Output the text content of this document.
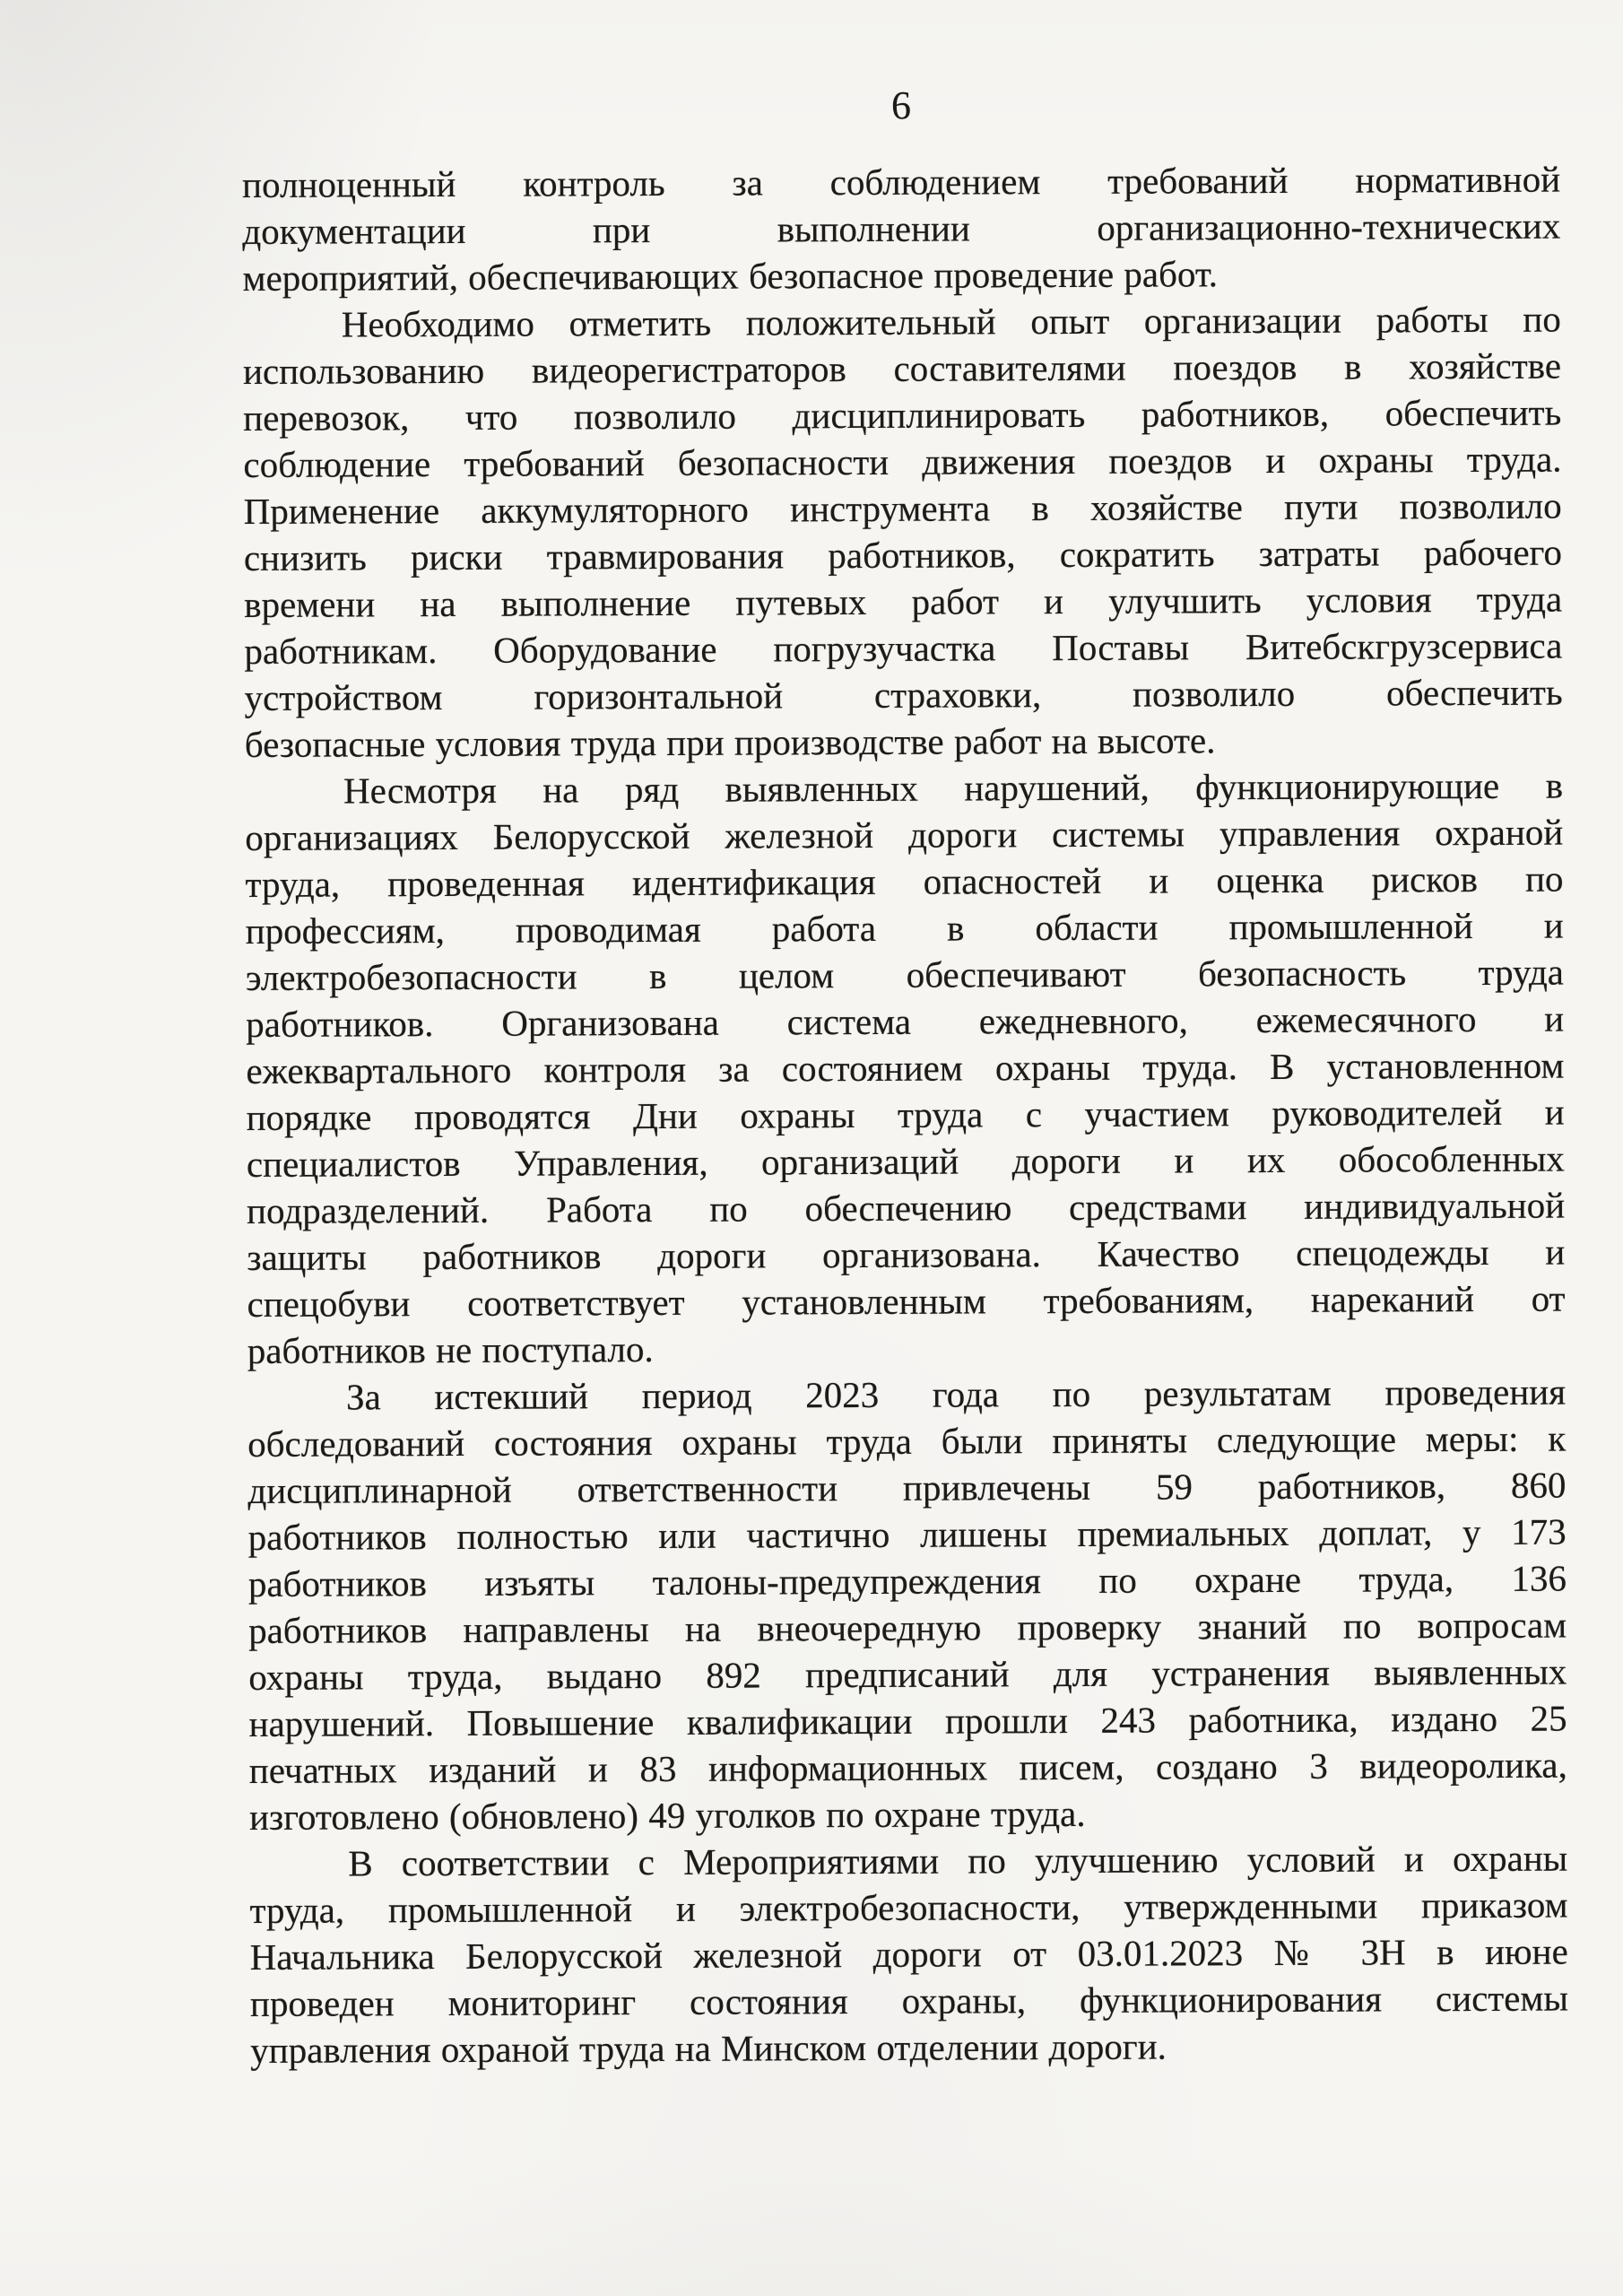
6
полноценный контроль за соблюдением требований нормативной
документации при выполнении организационно-технических
мероприятий, обеспечивающих безопасное проведение работ.
Необходимо отметить положительный опыт организации работы по
использованию видеорегистраторов составителями поездов в хозяйстве
перевозок, что позволило дисциплинировать работников, обеспечить
соблюдение требований безопасности движения поездов и охраны труда.
Применение аккумуляторного инструмента в хозяйстве пути позволило
снизить риски травмирования работников, сократить затраты рабочего
времени на выполнение путевых работ и улучшить условия труда
работникам. Оборудование погрузучастка Поставы Витебскгрузсервиса
устройством горизонтальной страховки, позволило обеспечить
безопасные условия труда при производстве работ на высоте.
Несмотря на ряд выявленных нарушений, функционирующие в
организациях Белорусской железной дороги системы управления охраной
труда, проведенная идентификация опасностей и оценка рисков по
профессиям, проводимая работа в области промышленной и
электробезопасности в целом обеспечивают безопасность труда
работников. Организована система ежедневного, ежемесячного и
ежеквартального контроля за состоянием охраны труда. В установленном
порядке проводятся Дни охраны труда с участием руководителей и
специалистов Управления, организаций дороги и их обособленных
подразделений. Работа по обеспечению средствами индивидуальной
защиты работников дороги организована. Качество спецодежды и
спецобуви соответствует установленным требованиям, нареканий от
работников не поступало.
За истекший период 2023 года по результатам проведения
обследований состояния охраны труда были приняты следующие меры: к
дисциплинарной ответственности привлечены 59 работников, 860
работников полностью или частично лишены премиальных доплат, у 173
работников изъяты талоны-предупреждения по охране труда, 136
работников направлены на внеочередную проверку знаний по вопросам
охраны труда, выдано 892 предписаний для устранения выявленных
нарушений. Повышение квалификации прошли 243 работника, издано 25
печатных изданий и 83 информационных писем, создано 3 видеоролика,
изготовлено (обновлено) 49 уголков по охране труда.
В соответствии с Мероприятиями по улучшению условий и охраны
труда, промышленной и электробезопасности, утвержденными приказом
Начальника Белорусской железной дороги от 03.01.2023 № 3Н в июне
проведен мониторинг состояния охраны, функционирования системы
управления охраной труда на Минском отделении дороги.
